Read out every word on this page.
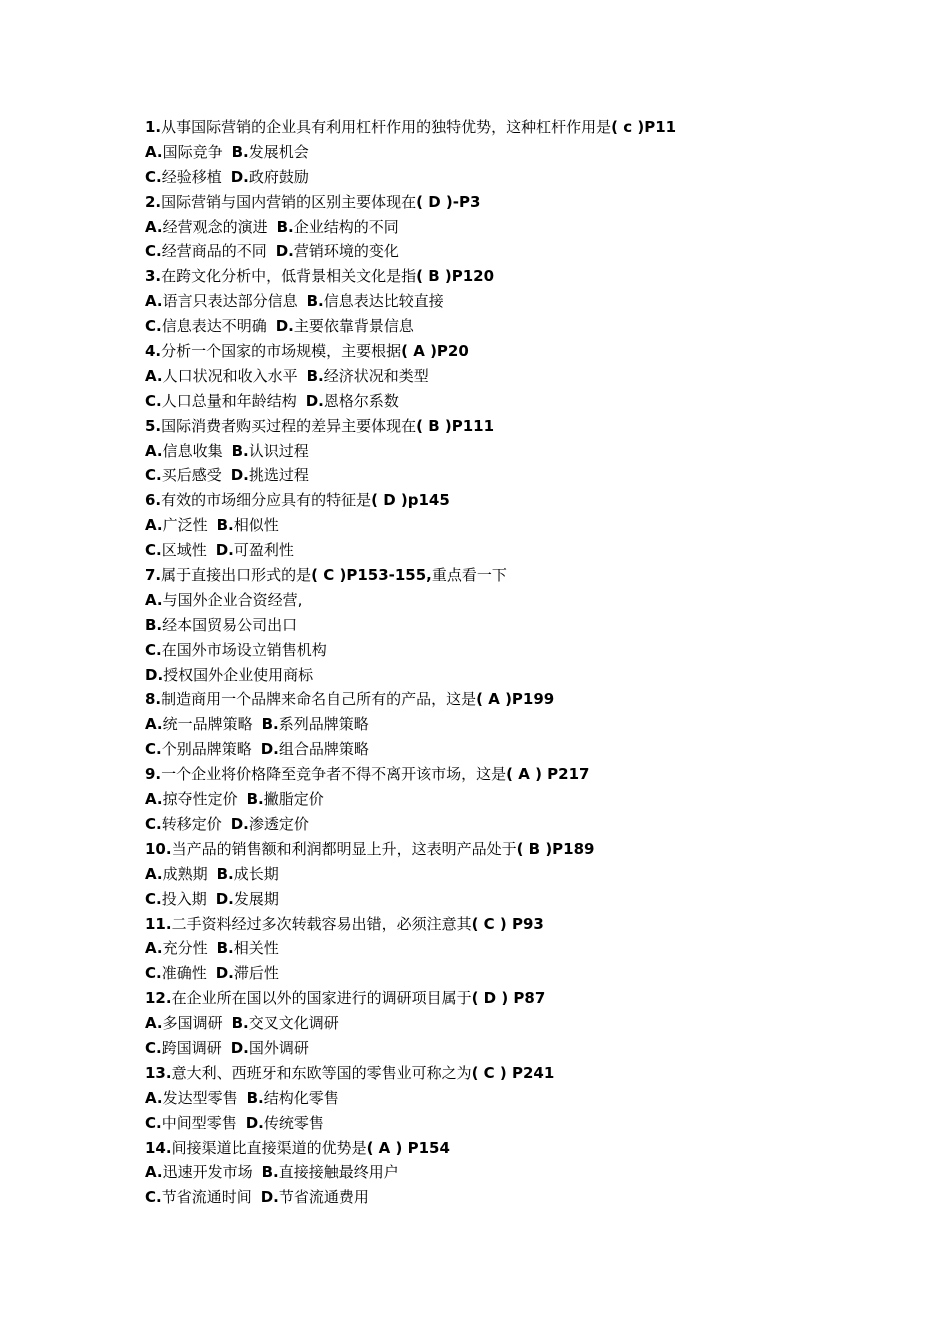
1.从事国际营销的企业具有利用杠杆作用的独特优势，这种杠杆作用是( c )P11
A.国际竞争 B.发展机会
C.经验移植 D.政府鼓励
2.国际营销与国内营销的区别主要体现在( D )-P3
A.经营观念的演进 B.企业结构的不同
C.经营商品的不同 D.营销环境的变化
3.在跨文化分析中，低背景相关文化是指( B )P120
A.语言只表达部分信息 B.信息表达比较直接
C.信息表达不明确 D.主要依靠背景信息
4.分析一个国家的市场规模，主要根据( A )P20
A.人口状况和收入水平 B.经济状况和类型
C.人口总量和年龄结构 D.恩格尔系数
5.国际消费者购买过程的差异主要体现在( B )P111
A.信息收集 B.认识过程
C.买后感受 D.挑选过程
6.有效的市场细分应具有的特征是( D )p145
A.广泛性 B.相似性
C.区域性 D.可盈利性
7.属于直接出口形式的是( C )P153-155,重点看一下
A.与国外企业合资经营,
B.经本国贸易公司出口
C.在国外市场设立销售机构
D.授权国外企业使用商标
8.制造商用一个品牌来命名自己所有的产品，这是( A )P199
A.统一品牌策略 B.系列品牌策略
C.个别品牌策略 D.组合品牌策略
9.一个企业将价格降至竞争者不得不离开该市场，这是( A ) P217
A.掠夺性定价 B.撇脂定价
C.转移定价 D.渗透定价
10.当产品的销售额和利润都明显上升，这表明产品处于( B )P189
A.成熟期 B.成长期
C.投入期 D.发展期
11.二手资料经过多次转载容易出错，必须注意其( C ) P93
A.充分性 B.相关性
C.准确性 D.滞后性
12.在企业所在国以外的国家进行的调研项目属于( D ) P87
A.多国调研 B.交叉文化调研
C.跨国调研 D.国外调研
13.意大利、西班牙和东欧等国的零售业可称之为( C ) P241
A.发达型零售 B.结构化零售
C.中间型零售 D.传统零售
14.间接渠道比直接渠道的优势是( A ) P154
A.迅速开发市场 B.直接接触最终用户
C.节省流通时间 D.节省流通费用
